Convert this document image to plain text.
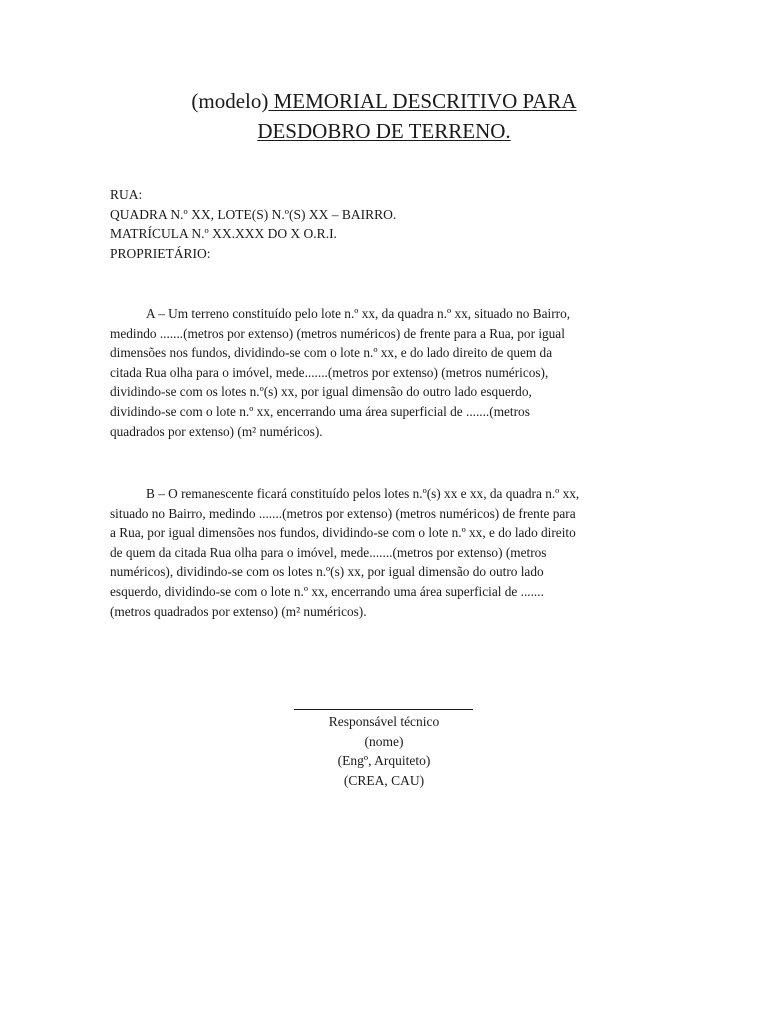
(modelo) MEMORIAL DESCRITIVO PARA
DESDOBRO DE TERRENO.
RUA:
QUADRA N.º XX, LOTE(S) N.º(S) XX – BAIRRO.
MATRÍCULA N.º XX.XXX DO X O.R.I.
PROPRIETÁRIO:
A – Um terreno constituído pelo lote n.º xx, da quadra n.º xx, situado no Bairro,
medindo .......(metros por extenso) (metros numéricos) de frente para a Rua, por igual
dimensões nos fundos, dividindo-se com o lote n.º xx, e do lado direito de quem da
citada Rua olha para o imóvel, mede.......(metros por extenso) (metros numéricos),
dividindo-se com os lotes n.º(s) xx, por igual dimensão do outro lado esquerdo,
dividindo-se com o lote n.º xx, encerrando uma área superficial de .......(metros
quadrados por extenso) (m² numéricos).
B – O remanescente ficará constituído pelos lotes n.º(s) xx e xx, da quadra n.º xx,
situado no Bairro, medindo .......(metros por extenso) (metros numéricos) de frente para
a Rua, por igual dimensões nos fundos, dividindo-se com o lote n.º xx, e do lado direito
de quem da citada Rua olha para o imóvel, mede.......(metros por extenso) (metros
numéricos), dividindo-se com os lotes n.º(s) xx, por igual dimensão do outro lado
esquerdo, dividindo-se com o lote n.º xx, encerrando uma área superficial de .......
(metros quadrados por extenso) (m² numéricos).
Responsável técnico
(nome)
(Engº, Arquiteto)
(CREA, CAU)
